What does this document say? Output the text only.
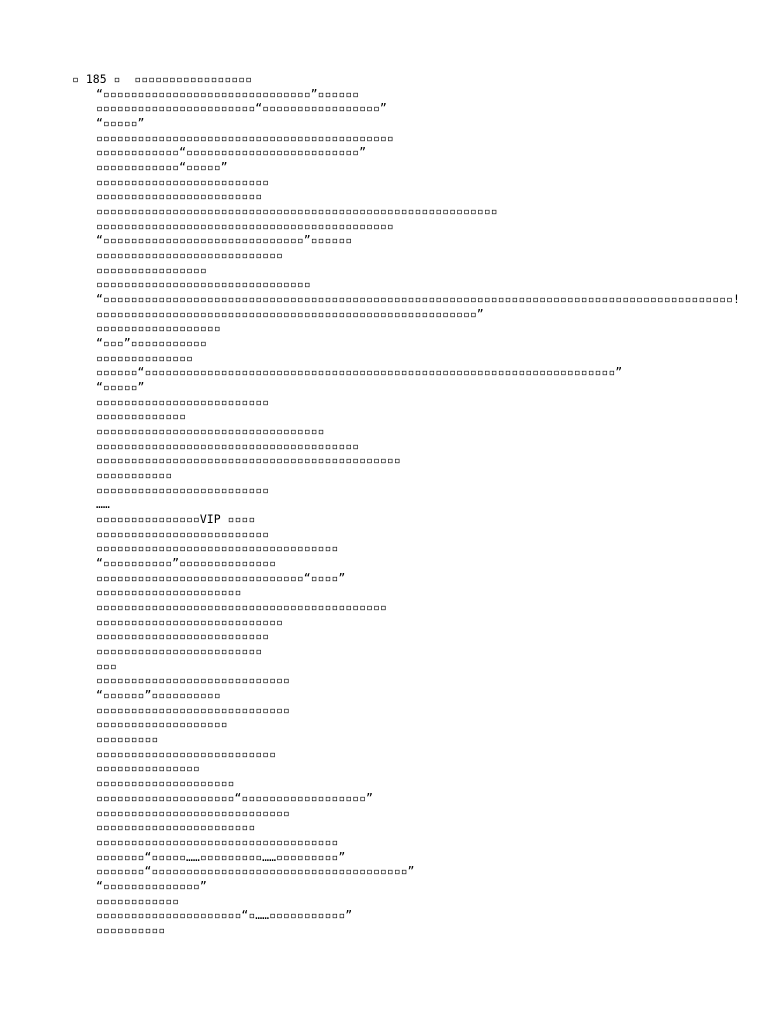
▫ 185 ▫  ▫▫▫▫▫▫▫▫▫▫▫▫▫▫▫▫▫
“▫▫▫▫▫▫▫▫▫▫▫▫▫▫▫▫▫▫▫▫▫▫▫▫▫▫▫▫▫▫”▫▫▫▫▫▫
▫▫▫▫▫▫▫▫▫▫▫▫▫▫▫▫▫▫▫▫▫▫▫“▫▫▫▫▫▫▫▫▫▫▫▫▫▫▫▫▫”
“▫▫▫▫▫”
▫▫▫▫▫▫▫▫▫▫▫▫▫▫▫▫▫▫▫▫▫▫▫▫▫▫▫▫▫▫▫▫▫▫▫▫▫▫▫▫▫▫▫
▫▫▫▫▫▫▫▫▫▫▫▫“▫▫▫▫▫▫▫▫▫▫▫▫▫▫▫▫▫▫▫▫▫▫▫▫▫”
▫▫▫▫▫▫▫▫▫▫▫▫“▫▫▫▫▫”
▫▫▫▫▫▫▫▫▫▫▫▫▫▫▫▫▫▫▫▫▫▫▫▫▫
▫▫▫▫▫▫▫▫▫▫▫▫▫▫▫▫▫▫▫▫▫▫▫▫
▫▫▫▫▫▫▫▫▫▫▫▫▫▫▫▫▫▫▫▫▫▫▫▫▫▫▫▫▫▫▫▫▫▫▫▫▫▫▫▫▫▫▫▫▫▫▫▫▫▫▫▫▫▫▫▫▫▫
▫▫▫▫▫▫▫▫▫▫▫▫▫▫▫▫▫▫▫▫▫▫▫▫▫▫▫▫▫▫▫▫▫▫▫▫▫▫▫▫▫▫▫
“▫▫▫▫▫▫▫▫▫▫▫▫▫▫▫▫▫▫▫▫▫▫▫▫▫▫▫▫▫”▫▫▫▫▫▫
▫▫▫▫▫▫▫▫▫▫▫▫▫▫▫▫▫▫▫▫▫▫▫▫▫▫▫
▫▫▫▫▫▫▫▫▫▫▫▫▫▫▫▫
▫▫▫▫▫▫▫▫▫▫▫▫▫▫▫▫▫▫▫▫▫▫▫▫▫▫▫▫▫▫▫
“▫▫▫▫▫▫▫▫▫▫▫▫▫▫▫▫▫▫▫▫▫▫▫▫▫▫▫▫▫▫▫▫▫▫▫▫▫▫▫▫▫▫▫▫▫▫▫▫▫▫▫▫▫▫▫▫▫▫▫▫▫▫▫▫▫▫▫▫▫▫▫▫▫▫▫▫▫▫▫▫▫▫▫▫▫▫▫▫▫▫▫!
▫▫▫▫▫▫▫▫▫▫▫▫▫▫▫▫▫▫▫▫▫▫▫▫▫▫▫▫▫▫▫▫▫▫▫▫▫▫▫▫▫▫▫▫▫▫▫▫▫▫▫▫▫▫▫”
▫▫▫▫▫▫▫▫▫▫▫▫▫▫▫▫▫▫
“▫▫▫”▫▫▫▫▫▫▫▫▫▫▫
▫▫▫▫▫▫▫▫▫▫▫▫▫▫
▫▫▫▫▫▫“▫▫▫▫▫▫▫▫▫▫▫▫▫▫▫▫▫▫▫▫▫▫▫▫▫▫▫▫▫▫▫▫▫▫▫▫▫▫▫▫▫▫▫▫▫▫▫▫▫▫▫▫▫▫▫▫▫▫▫▫▫▫▫▫▫▫▫▫”
“▫▫▫▫▫”
▫▫▫▫▫▫▫▫▫▫▫▫▫▫▫▫▫▫▫▫▫▫▫▫▫
▫▫▫▫▫▫▫▫▫▫▫▫▫
▫▫▫▫▫▫▫▫▫▫▫▫▫▫▫▫▫▫▫▫▫▫▫▫▫▫▫▫▫▫▫▫▫
▫▫▫▫▫▫▫▫▫▫▫▫▫▫▫▫▫▫▫▫▫▫▫▫▫▫▫▫▫▫▫▫▫▫▫▫▫▫
▫▫▫▫▫▫▫▫▫▫▫▫▫▫▫▫▫▫▫▫▫▫▫▫▫▫▫▫▫▫▫▫▫▫▫▫▫▫▫▫▫▫▫▫
▫▫▫▫▫▫▫▫▫▫▫
▫▫▫▫▫▫▫▫▫▫▫▫▫▫▫▫▫▫▫▫▫▫▫▫▫
……
▫▫▫▫▫▫▫▫▫▫▫▫▫▫▫VIP ▫▫▫▫
▫▫▫▫▫▫▫▫▫▫▫▫▫▫▫▫▫▫▫▫▫▫▫▫▫
▫▫▫▫▫▫▫▫▫▫▫▫▫▫▫▫▫▫▫▫▫▫▫▫▫▫▫▫▫▫▫▫▫▫▫
“▫▫▫▫▫▫▫▫▫▫”▫▫▫▫▫▫▫▫▫▫▫▫▫▫
▫▫▫▫▫▫▫▫▫▫▫▫▫▫▫▫▫▫▫▫▫▫▫▫▫▫▫▫▫▫“▫▫▫▫”
▫▫▫▫▫▫▫▫▫▫▫▫▫▫▫▫▫▫▫▫▫
▫▫▫▫▫▫▫▫▫▫▫▫▫▫▫▫▫▫▫▫▫▫▫▫▫▫▫▫▫▫▫▫▫▫▫▫▫▫▫▫▫▫
▫▫▫▫▫▫▫▫▫▫▫▫▫▫▫▫▫▫▫▫▫▫▫▫▫▫▫
▫▫▫▫▫▫▫▫▫▫▫▫▫▫▫▫▫▫▫▫▫▫▫▫▫
▫▫▫▫▫▫▫▫▫▫▫▫▫▫▫▫▫▫▫▫▫▫▫▫
▫▫▫
▫▫▫▫▫▫▫▫▫▫▫▫▫▫▫▫▫▫▫▫▫▫▫▫▫▫▫▫
“▫▫▫▫▫▫”▫▫▫▫▫▫▫▫▫▫
▫▫▫▫▫▫▫▫▫▫▫▫▫▫▫▫▫▫▫▫▫▫▫▫▫▫▫▫
▫▫▫▫▫▫▫▫▫▫▫▫▫▫▫▫▫▫▫
▫▫▫▫▫▫▫▫▫
▫▫▫▫▫▫▫▫▫▫▫▫▫▫▫▫▫▫▫▫▫▫▫▫▫▫
▫▫▫▫▫▫▫▫▫▫▫▫▫▫▫
▫▫▫▫▫▫▫▫▫▫▫▫▫▫▫▫▫▫▫▫
▫▫▫▫▫▫▫▫▫▫▫▫▫▫▫▫▫▫▫▫“▫▫▫▫▫▫▫▫▫▫▫▫▫▫▫▫▫▫”
▫▫▫▫▫▫▫▫▫▫▫▫▫▫▫▫▫▫▫▫▫▫▫▫▫▫▫▫
▫▫▫▫▫▫▫▫▫▫▫▫▫▫▫▫▫▫▫▫▫▫▫
▫▫▫▫▫▫▫▫▫▫▫▫▫▫▫▫▫▫▫▫▫▫▫▫▫▫▫▫▫▫▫▫▫▫▫
▫▫▫▫▫▫▫“▫▫▫▫▫……▫▫▫▫▫▫▫▫▫……▫▫▫▫▫▫▫▫▫”
▫▫▫▫▫▫▫“▫▫▫▫▫▫▫▫▫▫▫▫▫▫▫▫▫▫▫▫▫▫▫▫▫▫▫▫▫▫▫▫▫▫▫▫▫”
“▫▫▫▫▫▫▫▫▫▫▫▫▫▫”
▫▫▫▫▫▫▫▫▫▫▫▫
▫▫▫▫▫▫▫▫▫▫▫▫▫▫▫▫▫▫▫▫▫“▫……▫▫▫▫▫▫▫▫▫▫▫”
▫▫▫▫▫▫▫▫▫▫
